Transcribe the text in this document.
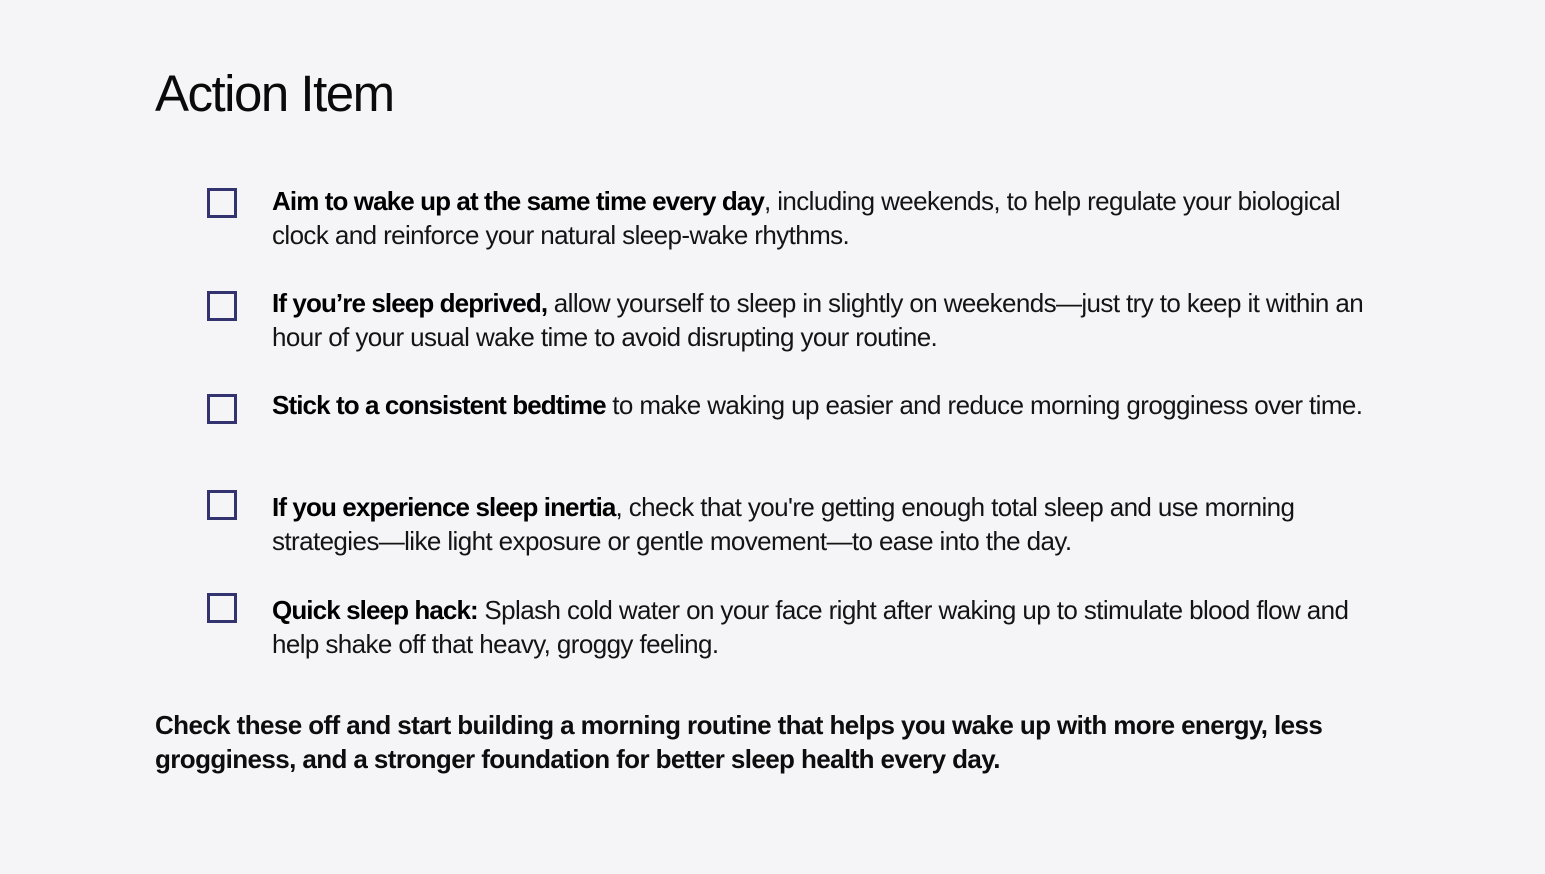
Action Item

Aim to wake up at the same time every day, including weekends, to help regulate your biological clock and reinforce your natural sleep-wake rhythms.

If you’re sleep deprived, allow yourself to sleep in slightly on weekends—just try to keep it within an hour of your usual wake time to avoid disrupting your routine.

Stick to a consistent bedtime to make waking up easier and reduce morning grogginess over time.

If you experience sleep inertia, check that you're getting enough total sleep and use morning strategies—like light exposure or gentle movement—to ease into the day.

Quick sleep hack: Splash cold water on your face right after waking up to stimulate blood flow and help shake off that heavy, groggy feeling.

Check these off and start building a morning routine that helps you wake up with more energy, less grogginess, and a stronger foundation for better sleep health every day.
